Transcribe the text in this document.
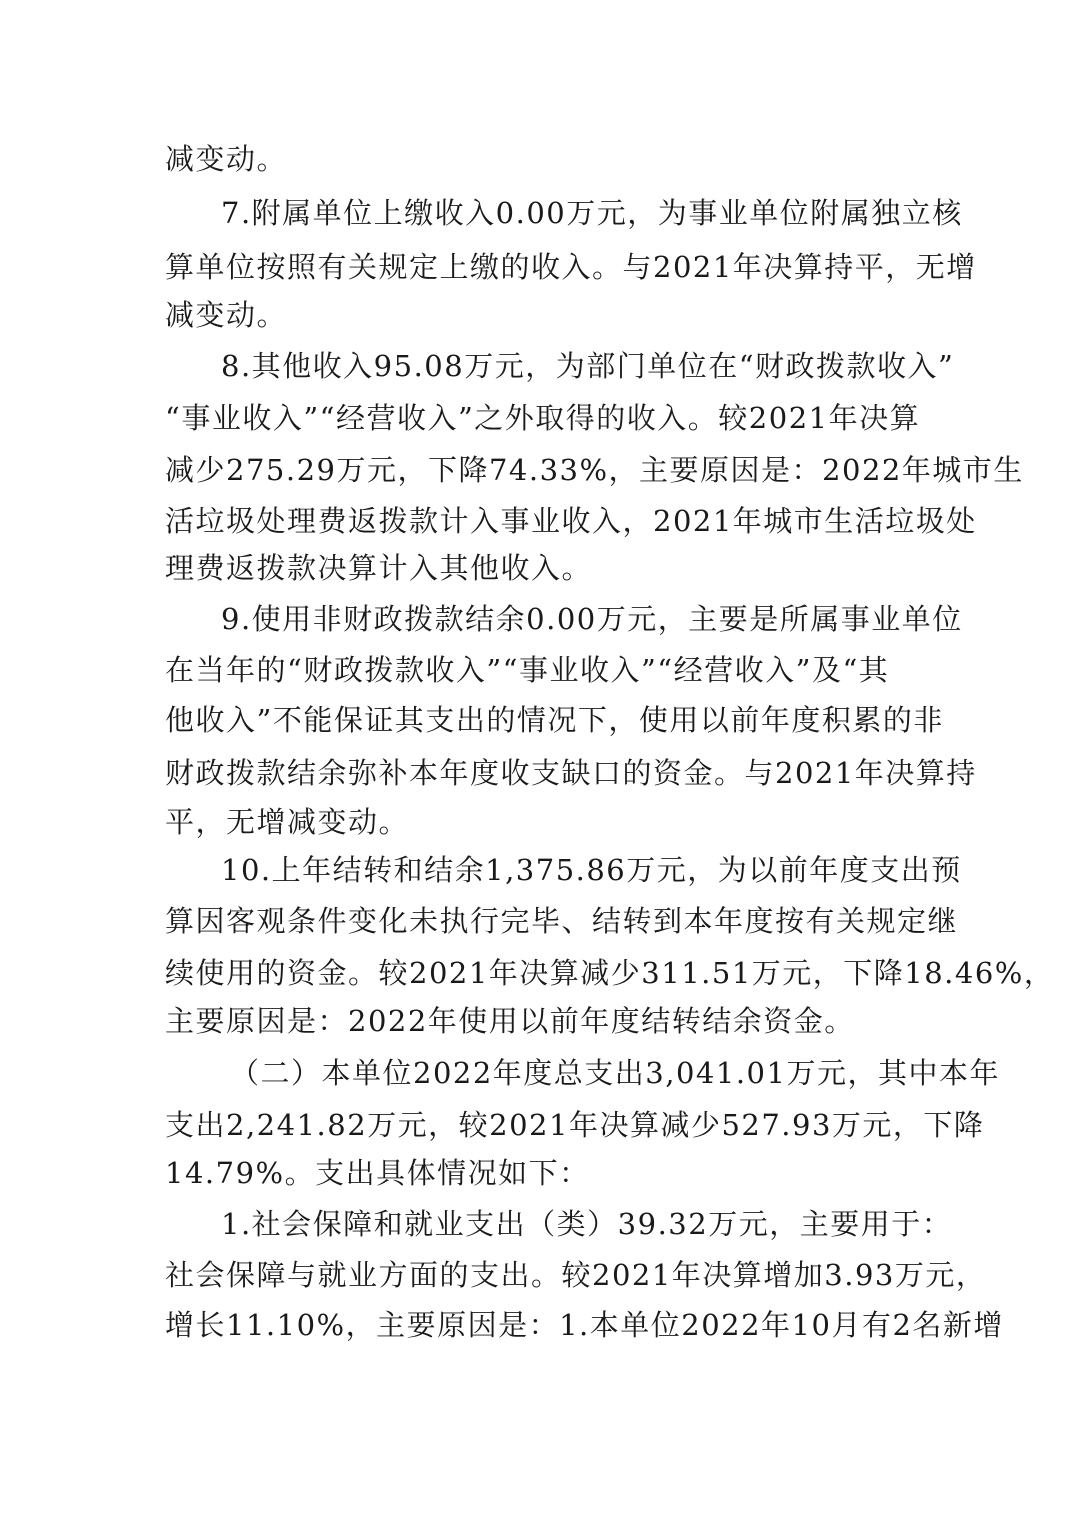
减变动。
7.附属单位上缴收入0.00万元，为事业单位附属独立核
算单位按照有关规定上缴的收入。与2021年决算持平，无增
减变动。
8.其他收入95.08万元，为部门单位在“财政拨款收入”
“事业收入”“经营收入”之外取得的收入。较2021年决算
减少275.29万元，下降74.33%，主要原因是：2022年城市生
活垃圾处理费返拨款计入事业收入，2021年城市生活垃圾处
理费返拨款决算计入其他收入。
9.使用非财政拨款结余0.00万元，主要是所属事业单位
在当年的“财政拨款收入”“事业收入”“经营收入”及“其
他收入”不能保证其支出的情况下，使用以前年度积累的非
财政拨款结余弥补本年度收支缺口的资金。与2021年决算持
平，无增减变动。
10.上年结转和结余1,375.86万元，为以前年度支出预
算因客观条件变化未执行完毕、结转到本年度按有关规定继
续使用的资金。较2021年决算减少311.51万元，下降18.46%，
主要原因是：2022年使用以前年度结转结余资金。
（二）本单位2022年度总支出3,041.01万元，其中本年
支出2,241.82万元，较2021年决算减少527.93万元，下降
14.79%。支出具体情况如下：
1.社会保障和就业支出（类）39.32万元，主要用于：
社会保障与就业方面的支出。较2021年决算增加3.93万元，
增长11.10%，主要原因是：1.本单位2022年10月有2名新增
